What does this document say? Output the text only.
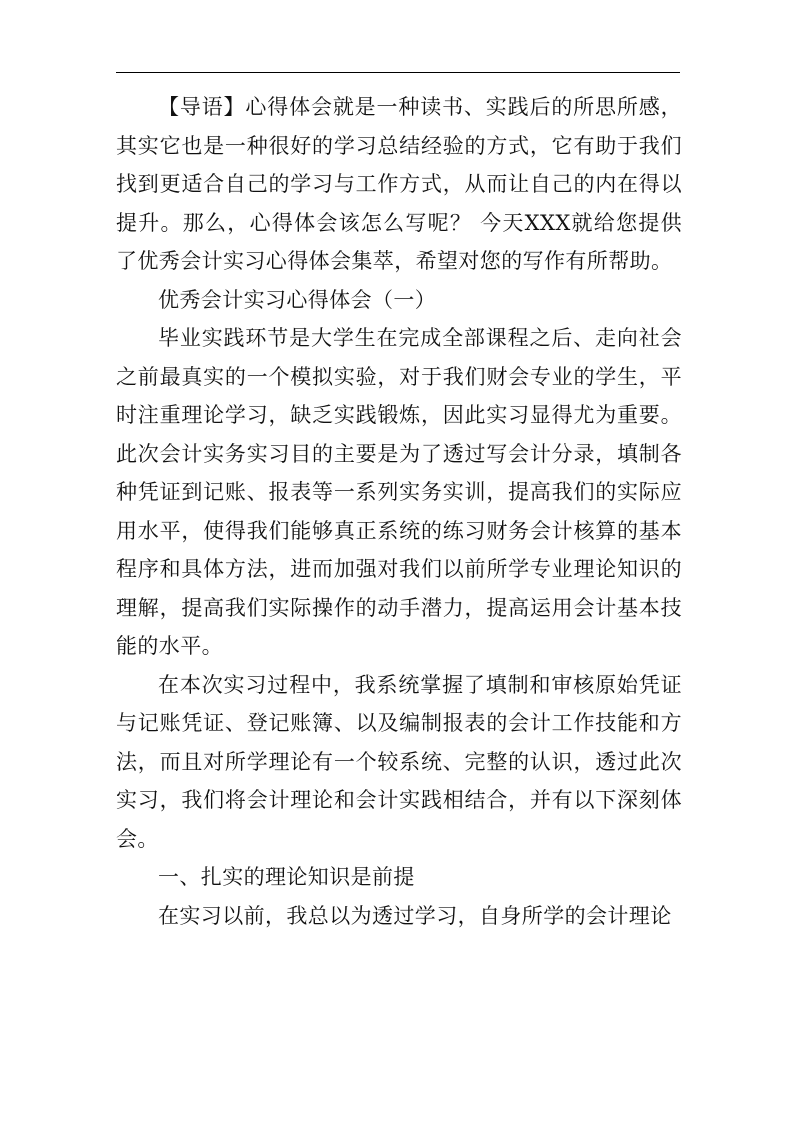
【导语】心得体会就是一种读书、实践后的所思所感，其实它也是一种很好的学习总结经验的方式，它有助于我们找到更适合自己的学习与工作方式，从而让自己的内在得以提升。那么，心得体会该怎么写呢？ 今天XXX就给您提供了优秀会计实习心得体会集萃，希望对您的写作有所帮助。

优秀会计实习心得体会（一）

毕业实践环节是大学生在完成全部课程之后、走向社会之前最真实的一个模拟实验，对于我们财会专业的学生，平时注重理论学习，缺乏实践锻炼，因此实习显得尤为重要。此次会计实务实习目的主要是为了透过写会计分录，填制各种凭证到记账、报表等一系列实务实训，提高我们的实际应用水平，使得我们能够真正系统的练习财务会计核算的基本程序和具体方法，进而加强对我们以前所学专业理论知识的理解，提高我们实际操作的动手潜力，提高运用会计基本技能的水平。

在本次实习过程中，我系统掌握了填制和审核原始凭证与记账凭证、登记账簿、以及编制报表的会计工作技能和方法，而且对所学理论有一个较系统、完整的认识，透过此次实习，我们将会计理论和会计实践相结合，并有以下深刻体会。

一、扎实的理论知识是前提

在实习以前，我总以为透过学习，自身所学的会计理论
